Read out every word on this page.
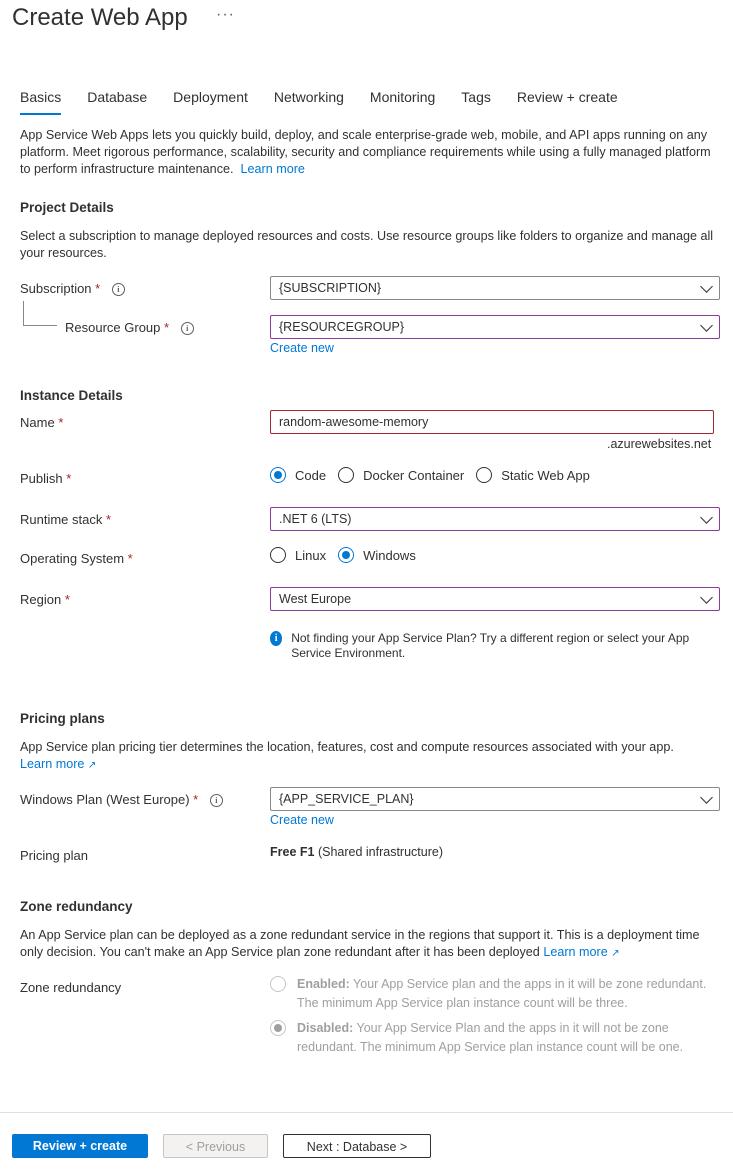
Create Web App ···
Basics Database Deployment Networking Monitoring Tags Review + create
App Service Web Apps lets you quickly build, deploy, and scale enterprise-grade web, mobile, and API apps running on any platform. Meet rigorous performance, scalability, security and compliance requirements while using a fully managed platform to perform infrastructure maintenance. Learn more
Project Details
Select a subscription to manage deployed resources and costs. Use resource groups like folders to organize and manage all your resources.
Subscription * i	{SUBSCRIPTION}
Resource Group * i	{RESOURCEGROUP}
Create new
Instance Details
Name *	random-awesome-memory
.azurewebsites.net
Publish *	Code	Docker Container	Static Web App
Runtime stack *	.NET 6 (LTS)
Operating System *	Linux	Windows
Region *	West Europe
i	Not finding your App Service Plan? Try a different region or select your App Service Environment.
Pricing plans
App Service plan pricing tier determines the location, features, cost and compute resources associated with your app.
Learn more ↗
Windows Plan (West Europe) * i	{APP_SERVICE_PLAN}
Create new
Pricing plan	Free F1 (Shared infrastructure)
Zone redundancy
An App Service plan can be deployed as a zone redundant service in the regions that support it. This is a deployment time only decision. You can't make an App Service plan zone redundant after it has been deployed Learn more ↗
Zone redundancy	Enabled: Your App Service plan and the apps in it will be zone redundant. The minimum App Service plan instance count will be three.
Disabled: Your App Service Plan and the apps in it will not be zone redundant. The minimum App Service plan instance count will be one.
Review + create	< Previous	Next : Database >
